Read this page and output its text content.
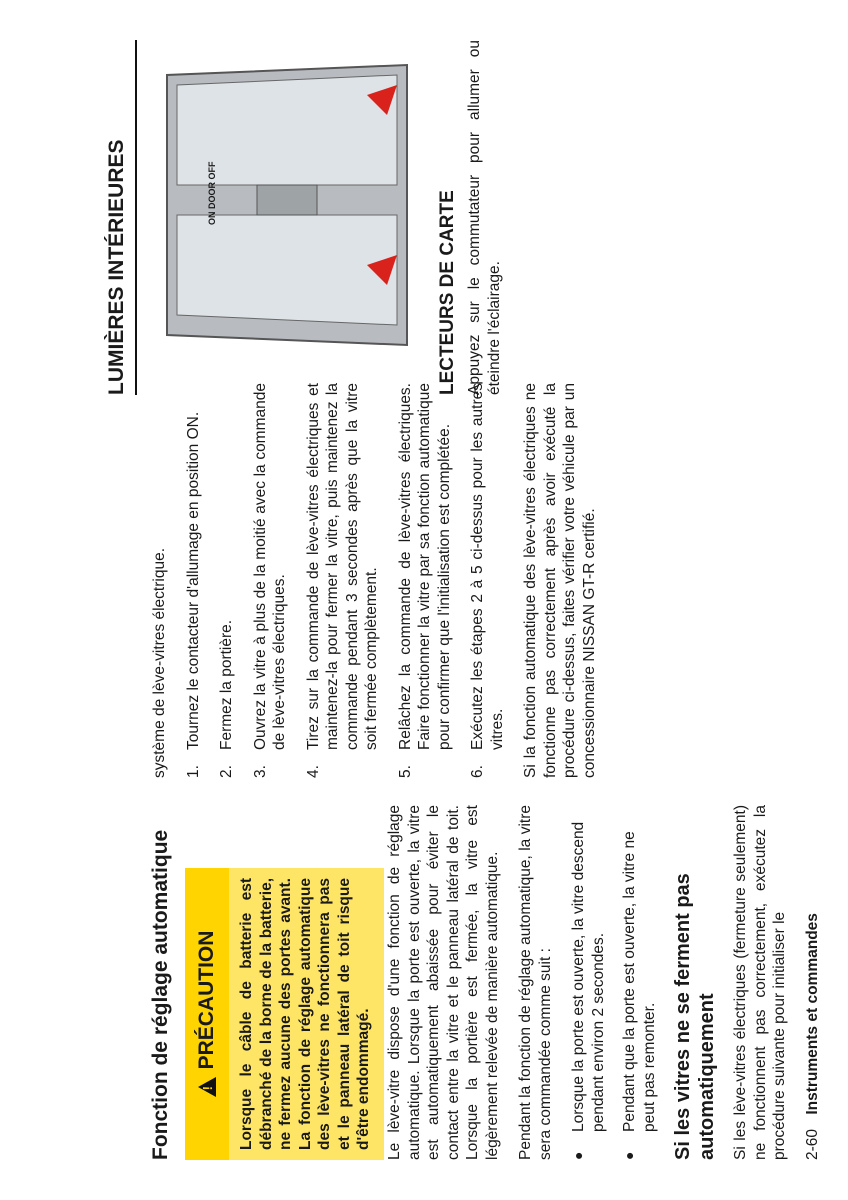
Fonction de réglage automatique !
PRÉCAUTION	Lorsque le câble de batterie est débranché de la borne de la batterie, ne fermez aucune des portes avant. La fonction de réglage automatique des lève-vitres ne fonctionnera pas et le panneau latéral de toit risque d'être endommagé. Le lève-vitre dispose d'une fonction de réglage automatique. Lorsque la porte est ouverte, la vitre est automatiquement abaissée pour éviter le contact entre la vitre et le panneau latéral de toit. Lorsque la portière est fermée, la vitre est légèrement relevée de manière automatique. Pendant la fonction de réglage automatique, la vitre sera commandée comme suit : ●
Lorsque la porte est ouverte, la vitre descend pendant environ 2 secondes.
●
Pendant que la porte est ouverte, la vitre ne peut pas remonter. Si les vitres ne se ferment pas automatiquement Si les lève-vitres électriques (fermeture seulement) ne fonctionnent pas correctement, exécutez la procédure suivante pour initialiser le 2-60 Instruments et commandes

système de lève-vitres électrique. 1.
Tournez le contacteur d'allumage en position ON.
2.
Fermez la portière.
3.
Ouvrez la vitre à plus de la moitié avec la commande de lève-vitres électriques.
4.
Tirez sur la commande de lève-vitres électriques et maintenez-la pour fermer la vitre, puis maintenez la commande pendant 3 secondes après que la vitre soit fermée complètement.
5.
Relâchez la commande de lève-vitres électriques. Faire fonctionner la vitre par sa fonction automatique pour confirmer que l'initialisation est complétée.
6.
Exécutez les étapes 2 à 5 ci-dessus pour les autres vitres. Si la fonction automatique des lève-vitres électriques ne fonctionne pas correctement après avoir exécuté la procédure ci-dessus, faites vérifier votre véhicule par un concessionnaire NISSAN GT-R certifié.

LUMIÈRES INTÉRIEURES	ON DOOR OFF	LECTEURS DE CARTE Appuyez sur le commutateur pour allumer ou éteindre l'éclairage.
